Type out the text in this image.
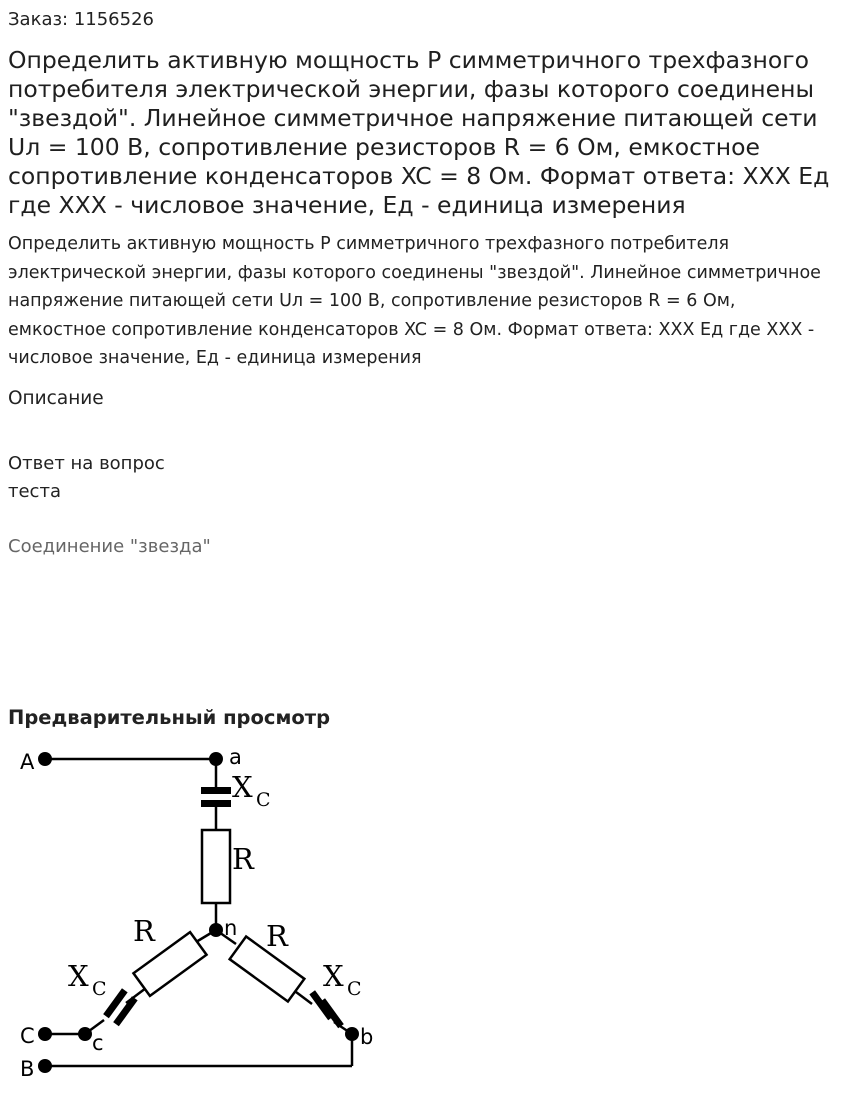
Заказ: 1156526
Определить активную мощность Р симметричного трехфазного потребителя электрической энергии, фазы которого соединены "звездой". Линейное симметричное напряжение питающей сети Uл = 100 В, сопротивление резисторов R = 6 Ом, емкостное сопротивление конденсаторов XC = 8 Ом. Формат ответа: ХХХ Ед где ХХХ - числовое значение, Ед - единица измерения

Определить активную мощность Р симметричного трехфазного потребителя электрической энергии, фазы которого соединены "звездой". Линейное симметричное напряжение питающей сети Uл = 100 В, сопротивление резисторов R = 6 Ом, емкостное сопротивление конденсаторов XC = 8 Ом. Формат ответа: ХХХ Ед где ХХХ - числовое значение, Ед - единица измерения

Описание
Ответ на вопрос теста
Соединение "звезда"
Предварительный просмотр
A	a
n
C	c	b
B
R
R	R
X C
X C	X C
